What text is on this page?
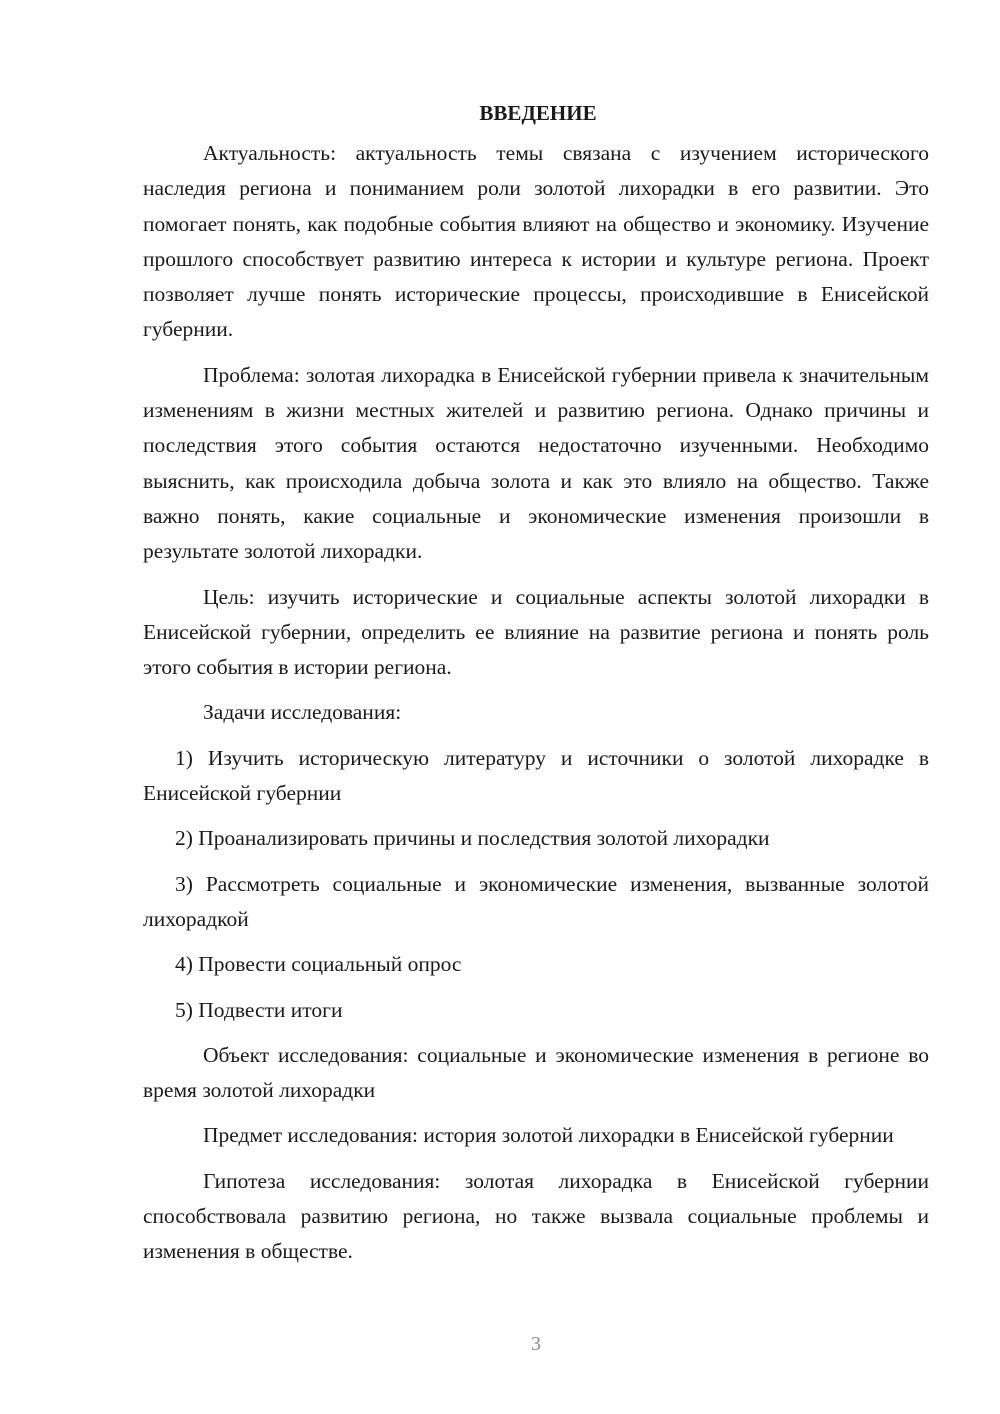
ВВЕДЕНИЕ

Актуальность: актуальность темы связана с изучением исторического наследия региона и пониманием роли золотой лихорадки в его развитии. Это помогает понять, как подобные события влияют на общество и экономику. Изучение прошлого способствует развитию интереса к истории и культуре региона. Проект позволяет лучше понять исторические процессы, происходившие в Енисейской губернии.

Проблема: золотая лихорадка в Енисейской губернии привела к значительным изменениям в жизни местных жителей и развитию региона. Однако причины и последствия этого события остаются недостаточно изученными. Необходимо выяснить, как происходила добыча золота и как это влияло на общество. Также важно понять, какие социальные и экономические изменения произошли в результате золотой лихорадки.

Цель: изучить исторические и социальные аспекты золотой лихорадки в Енисейской губернии, определить ее влияние на развитие региона и понять роль этого события в истории региона.

Задачи исследования:

1) Изучить историческую литературу и источники о золотой лихорадке в Енисейской губернии

2) Проанализировать причины и последствия золотой лихорадки

3) Рассмотреть социальные и экономические изменения, вызванные золотой лихорадкой

4) Провести социальный опрос

5) Подвести итоги

Объект исследования: социальные и экономические изменения в регионе во время золотой лихорадки

Предмет исследования: история золотой лихорадки в Енисейской губернии

Гипотеза исследования: золотая лихорадка в Енисейской губернии способствовала развитию региона, но также вызвала социальные проблемы и изменения в обществе.

3
